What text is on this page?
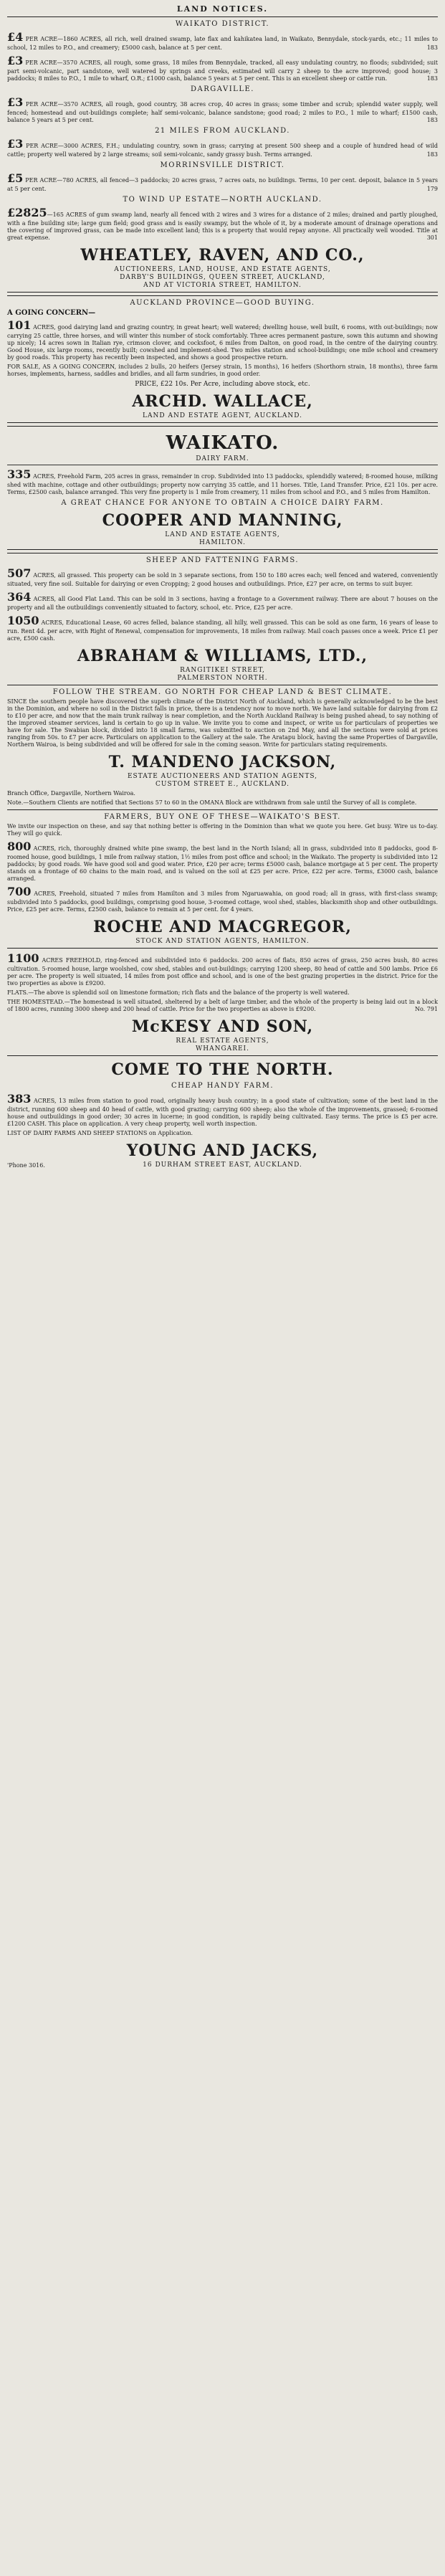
LAND NOTICES.
WAIKATO DISTRICT.
£4 PER ACRE—1860 ACRES, all rich, well drained swamp, late flax and kahikatea land, in Waikato, Bennydale, stock-yards, etc.; 11 miles to school, 12 miles to P.O., and creamery; £5000 cash, balance at 5 per cent.	183
£3 PER ACRE—3570 ACRES, all rough, some grass, 18 miles from Bennydale, tracked, all easy undulating country, no floods; subdivided; suit part semi-volcanic, part sandstone, well watered by springs and creeks, estimated will carry 2 sheep to the acre improved; good house; 3 paddocks; 8 miles to P.O., 1 mile to wharf, O.R.; £1000 cash, balance 5 years at 5 per cent. This is an excellent sheep or cattle run.	183
DARGAVILLE.
£3 PER ACRE—3570 ACRES, all rough, good country, 38 acres crop, 40 acres in grass; some timber and scrub; splendid water supply, well fenced; homestead and out-buildings complete; half semi-volcanic, balance sandstone; good road; 2 miles to P.O., 1 mile to wharf; £1500 cash, balance 5 years at 5 per cent.	183
21 MILES FROM AUCKLAND.
£3 PER ACRE—3000 ACRES, F.H.; undulating country, sown in grass; carrying at present 500 sheep and a couple of hundred head of wild cattle; property well watered by 2 large streams; soil semi-volcanic, sandy grassy bush. Terms arranged.	183
MORRINSVILLE DISTRICT.
£5 PER ACRE—780 ACRES, all fenced—3 paddocks; 20 acres grass, 7 acres oats, no buildings. Terms, 10 per cent. deposit, balance in 5 years at 5 per cent.	179
TO WIND UP ESTATE—NORTH AUCKLAND.
£2825—165 ACRES of gum swamp land, nearly all fenced with 2 wires and 3 wires for a distance of 2 miles; drained and partly ploughed, with a fine building site; large gum field; good grass and is easily swampy, but the whole of it, by a moderate amount of drainage operations and the covering of improved grass, can be made into excellent land; this is a property that would repay anyone. All practically well wooded. Title at great expense.	301
WHEATLEY, RAVEN, AND CO.,
AUCTIONEERS, LAND, HOUSE, AND ESTATE AGENTS,
DARBY'S BUILDINGS, QUEEN STREET, AUCKLAND,
AND AT VICTORIA STREET, HAMILTON.
AUCKLAND PROVINCE—GOOD BUYING.
A GOING CONCERN—
101 ACRES, good dairying land and grazing country, in great heart; well watered; dwelling house, well built, 6 rooms, with out-buildings; now carrying 25 cattle, three horses, and will winter this number of stock comfortably. Three acres permanent pasture, sown this autumn and showing up nicely; 14 acres sown in Italian rye, crimson clover, and cocksfoot, 6 miles from Dalton, on good road, in the centre of the dairying country. Good House, six large rooms, recently built; cowshed and implement-shed. Two miles station and school-buildings; one mile school and creamery by good roads. This property has recently been inspected, and shows a good prospective return.
FOR SALE, AS A GOING CONCERN, includes 2 bulls, 20 heifers (Jersey strain, 15 months), 16 heifers (Shorthorn strain, 18 months), three farm horses, implements, harness, saddles and bridles, and all farm sundries, in good order.
PRICE, £22 10s. Per Acre, including above stock, etc.
ARCHD. WALLACE,
LAND AND ESTATE AGENT, AUCKLAND.
WAIKATO.
DAIRY FARM.
335 ACRES, Freehold Farm, 205 acres in grass, remainder in crop. Subdivided into 13 paddocks, splendidly watered; 8-roomed house, milking shed with machine, cottage and other outbuildings; property now carrying 35 cattle, and 11 horses. Title, Land Transfer. Price, £21 10s. per acre. Terms, £2500 cash, balance arranged. This very fine property is 1 mile from creamery, 11 miles from school and P.O., and 5 miles from Hamilton.
A GREAT CHANCE FOR ANYONE TO OBTAIN A CHOICE DAIRY FARM.
COOPER AND MANNING,
LAND AND ESTATE AGENTS,
HAMILTON.
SHEEP AND FATTENING FARMS.
507 ACRES, all grassed. This property can be sold in 3 separate sections, from 150 to 180 acres each; well fenced and watered, conveniently situated, very fine soil. Suitable for dairying or even Cropping; 2 good houses and outbuildings. Price, £27 per acre, on terms to suit buyer.
364 ACRES, all Good Flat Land. This can be sold in 3 sections, having a frontage to a Government railway. There are about 7 houses on the property and all the outbuildings conveniently situated to factory, school, etc. Price, £25 per acre.
1050 ACRES, Educational Lease, 60 acres felled, balance standing, all hilly, well grassed. This can be sold as one farm, 16 years of lease to run. Rent 4d. per acre, with Right of Renewal, compensation for improvements, 18 miles from railway. Mail coach passes once a week. Price £1 per acre, £500 cash.
ABRAHAM & WILLIAMS, LTD.,
RANGITIKEI STREET,
PALMERSTON NORTH.
FOLLOW THE STREAM. GO NORTH FOR CHEAP LAND & BEST CLIMATE.
SINCE the southern people have discovered the superb climate of the District North of Auckland, which is generally acknowledged to be the best in the Dominion, and where no soil in the District falls in price, there is a tendency now to move north. We have land suitable for dairying from £2 to £10 per acre, and now that the main trunk railway is near completion, and the North Auckland Railway is being pushed ahead, to say nothing of the improved steamer services, land is certain to go up in value. We invite you to come and inspect, or write us for particulars of properties we have for sale. The Swabian block, divided into 18 small farms, was submitted to auction on 2nd May, and all the sections were sold at prices ranging from 50s. to £7 per acre. Particulars on application to the Gallery at the sale. The Aratapu block, having the same Properties of Dargaville, Northern Wairoa, is being subdivided and will be offered for sale in the coming season. Write for particulars stating requirements.
T. MANDENO JACKSON,
ESTATE AUCTIONEERS AND STATION AGENTS,
CUSTOM STREET E., AUCKLAND.
Branch Office, Dargaville, Northern Wairoa.
Note.—Southern Clients are notified that Sections 57 to 60 in the OMANA Block are withdrawn from sale until the Survey of all is complete.
FARMERS, BUY ONE OF THESE—WAIKATO'S BEST.
We invite our inspection on these, and say that nothing better is offering in the Dominion than what we quote you here. Get busy. Wire us to-day. They will go quick.
800 ACRES, rich, thoroughly drained white pine swamp, the best land in the North Island; all in grass, subdivided into 8 paddocks, good 8-roomed house, good buildings, 1 mile from railway station, 1½ miles from post office and school; in the Waikato. The property is subdivided into 12 paddocks; by good roads. We have good soil and good water. Price, £20 per acre; terms £5000 cash, balance mortgage at 5 per cent. The property stands on a frontage of 60 chains to the main road, and is valued on the soil at £25 per acre. Price, £22 per acre. Terms, £3000 cash, balance arranged.
700 ACRES, Freehold, situated 7 miles from Hamilton and 3 miles from Ngaruawahia, on good road; all in grass, with first-class swamp; subdivided into 5 paddocks, good buildings, comprising good house, 3-roomed cottage, wool shed, stables, blacksmith shop and other outbuildings. Price, £25 per acre. Terms, £2500 cash, balance to remain at 5 per cent. for 4 years.
ROCHE AND MACGREGOR,
STOCK AND STATION AGENTS, HAMILTON.
1100 ACRES FREEHOLD, ring-fenced and subdivided into 6 paddocks. 200 acres of flats, 850 acres of grass, 250 acres bush, 80 acres cultivation. 5-roomed house, large woolshed, cow shed, stables and out-buildings; carrying 1200 sheep, 80 head of cattle and 500 lambs. Price £6 per acre. The property is well situated, 14 miles from post office and school, and is one of the best grazing properties in the district. Price for the two properties as above is £9200.
FLATS.—The above is splendid soil on limestone formation; rich flats and the balance of the property is well watered.
THE HOMESTEAD.—The homestead is well situated, sheltered by a belt of large timber, and the whole of the property is being laid out in a block of 1800 acres, running 3000 sheep and 200 head of cattle. Price for the two properties as above is £9200.	No. 791
McKESY AND SON,
REAL ESTATE AGENTS,
WHANGAREI.
COME TO THE NORTH.
CHEAP HANDY FARM.
383 ACRES, 13 miles from station to good road, originally heavy bush country; in a good state of cultivation; some of the best land in the district, running 600 sheep and 40 head of cattle, with good grazing; carrying 600 sheep; also the whole of the improvements, grassed; 6-roomed house and outbuildings in good order; 30 acres in lucerne; in good condition, is rapidly being cultivated. Easy terms. The price is £5 per acre. £1200 CASH. This place on application. A very cheap property, well worth inspection.
LIST OF DAIRY FARMS AND SHEEP STATIONS on Application.
YOUNG AND JACKS,
16 DURHAM STREET EAST, AUCKLAND.
'Phone 3016.
